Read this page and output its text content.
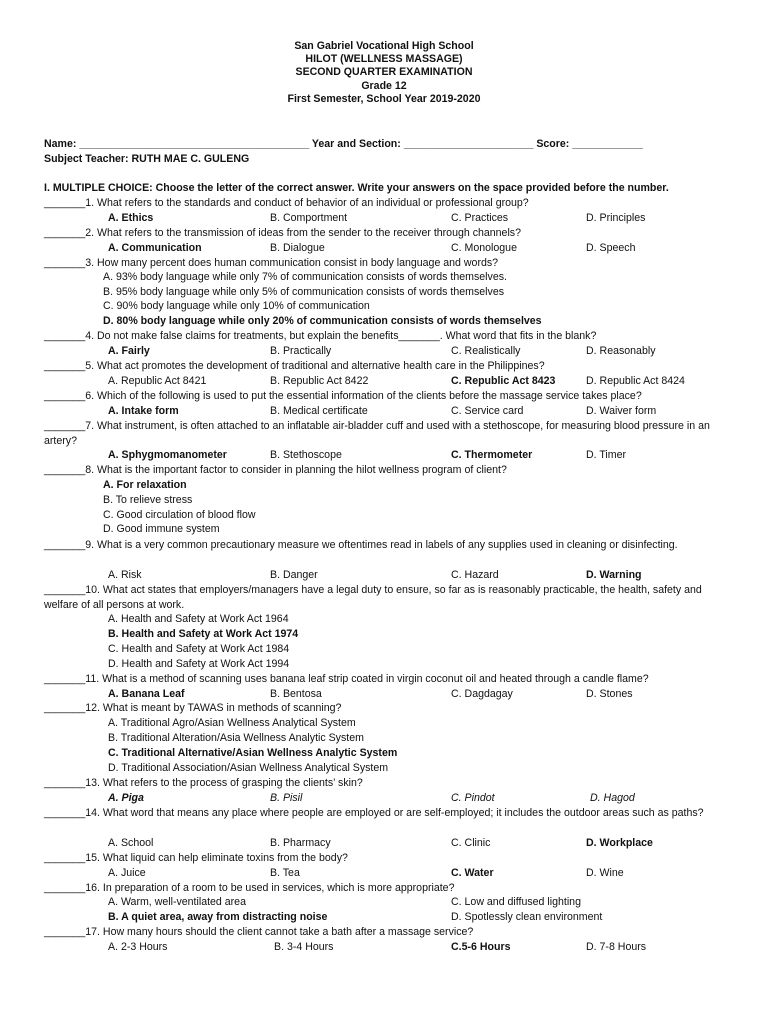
San Gabriel Vocational High School
HILOT (WELLNESS MASSAGE)
SECOND QUARTER EXAMINATION
Grade 12
First Semester, School Year 2019-2020
Name: _______________________________________ Year and Section: ______________________ Score: ____________
Subject Teacher: RUTH MAE C. GULENG
I. MULTIPLE CHOICE: Choose the letter of the correct answer. Write your answers on the space provided before the number.
_______1. What refers to the standards and conduct of behavior of an individual or professional group?
A. Ethics	B. Comportment	C. Practices	D. Principles
_______2. What refers to the transmission of ideas from the sender to the receiver through channels?
A. Communication	B. Dialogue	C. Monologue	D. Speech
_______3. How many percent does human communication consist in body language and words?
A. 93% body language while only 7% of communication consists of words themselves.
B. 95% body language while only 5% of communication consists of words themselves
C. 90% body language while only 10% of communication
D. 80% body language while only 20% of communication consists of words themselves
_______4. Do not make false claims for treatments, but explain the benefits_______. What word that fits in the blank?
A. Fairly	B. Practically	C. Realistically	D. Reasonably
_______5. What act promotes the development of traditional and alternative health care in the Philippines?
A. Republic Act 8421	B. Republic Act 8422	C. Republic Act 8423	D. Republic Act 8424
_______6. Which of the following is used to put the essential information of the clients before the massage service takes place?
A. Intake form	B. Medical certificate	C. Service card	D. Waiver form
_______7. What instrument, is often attached to an inflatable air-bladder cuff and used with a stethoscope, for measuring blood pressure in an artery?
A. Sphygmomanometer	B. Stethoscope	C. Thermometer	D. Timer
_______8. What is the important factor to consider in planning the hilot wellness program of client?
A. For relaxation
B. To relieve stress
C. Good circulation of blood flow
D. Good immune system
_______9. What is a very common precautionary measure we oftentimes read in labels of any supplies used in cleaning or disinfecting.
A. Risk	B. Danger	C. Hazard	D. Warning
_______10. What act states that employers/managers have a legal duty to ensure, so far as is reasonably practicable, the health, safety and welfare of all persons at work.
A. Health and Safety at Work Act 1964
B. Health and Safety at Work Act 1974
C. Health and Safety at Work Act 1984
D. Health and Safety at Work Act 1994
_______11. What is a method of scanning uses banana leaf strip coated in virgin coconut oil and heated through a candle flame?
A. Banana Leaf	B. Bentosa	C. Dagdagay	D. Stones
_______12. What is meant by TAWAS in methods of scanning?
A. Traditional Agro/Asian Wellness Analytical System
B. Traditional Alteration/Asia Wellness Analytic System
C. Traditional Alternative/Asian Wellness Analytic System
D. Traditional Association/Asian Wellness Analytical System
_______13. What refers to the process of grasping the clients’ skin?
A. Piga	B. Pisil	C. Pindot	D. Hagod
_______14. What word that means any place where people are employed or are self-employed; it includes the outdoor areas such as paths?
A. School	B. Pharmacy	C. Clinic	D. Workplace
_______15. What liquid can help eliminate toxins from the body?
A. Juice	B. Tea	C. Water	D. Wine
_______16. In preparation of a room to be used in services, which is more appropriate?
A. Warm, well-ventilated area	C. Low and diffused lighting
B. A quiet area, away from distracting noise	D. Spotlessly clean environment
_______17. How many hours should the client cannot take a bath after a massage service?
A. 2-3 Hours	B. 3-4 Hours	C.5-6 Hours	D. 7-8 Hours
